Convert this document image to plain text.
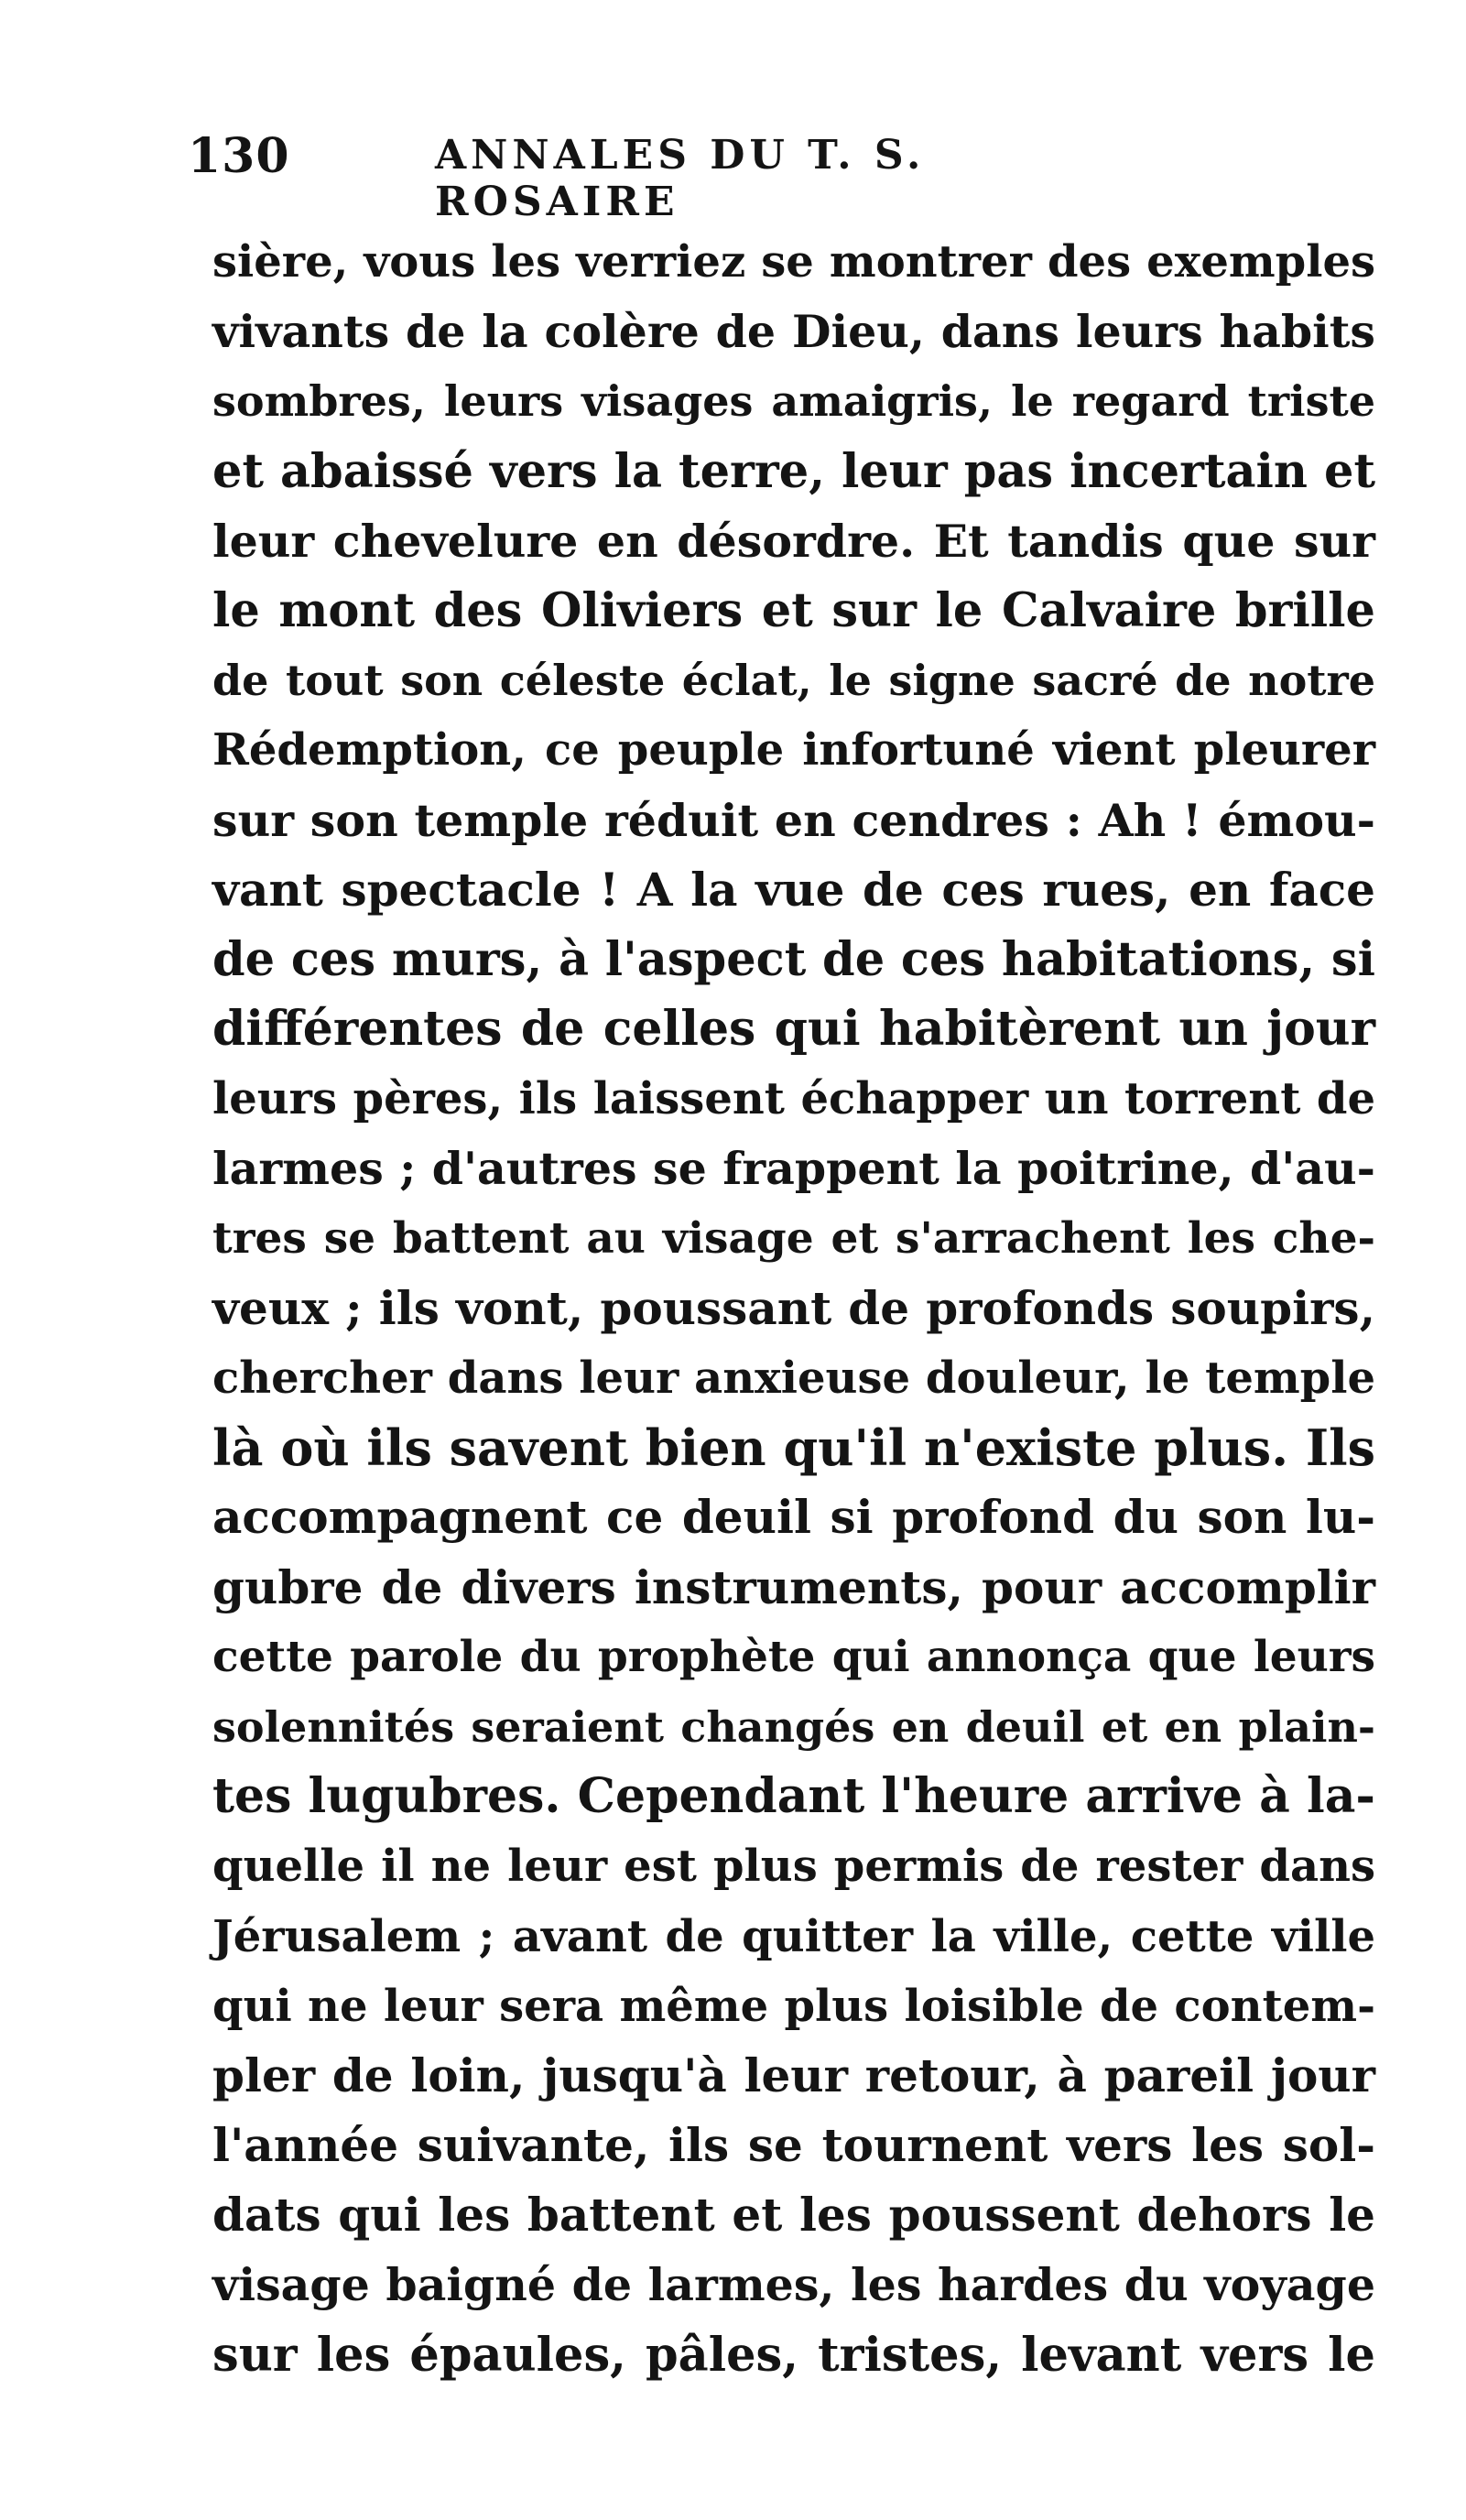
130	ANNALES DU T. S. ROSAIRE
sière, vous les verriez se montrer des exemples
vivants de la colère de Dieu, dans leurs habits
sombres, leurs visages amaigris, le regard triste
et abaissé vers la terre, leur pas incertain et
leur chevelure en désordre. Et tandis que sur
le mont des Oliviers et sur le Calvaire brille
de tout son céleste éclat, le signe sacré de notre
Rédemption, ce peuple infortuné vient pleurer
sur son temple réduit en cendres : Ah ! émou-
vant spectacle ! A la vue de ces rues, en face
de ces murs, à l'aspect de ces habitations, si
différentes de celles qui habitèrent un jour
leurs pères, ils laissent échapper un torrent de
larmes ; d'autres se frappent la poitrine, d'au-
tres se battent au visage et s'arrachent les che-
veux ; ils vont, poussant de profonds soupirs,
chercher dans leur anxieuse douleur, le temple
là où ils savent bien qu'il n'existe plus. Ils
accompagnent ce deuil si profond du son lu-
gubre de divers instruments, pour accomplir
cette parole du prophète qui annonça que leurs
solennités seraient changés en deuil et en plain-
tes lugubres. Cependant l'heure arrive à la-
quelle il ne leur est plus permis de rester dans
Jérusalem ; avant de quitter la ville, cette ville
qui ne leur sera même plus loisible de contem-
pler de loin, jusqu'à leur retour, à pareil jour
l'année suivante, ils se tournent vers les sol-
dats qui les battent et les poussent dehors le
visage baigné de larmes, les hardes du voyage
sur les épaules, pâles, tristes, levant vers le
